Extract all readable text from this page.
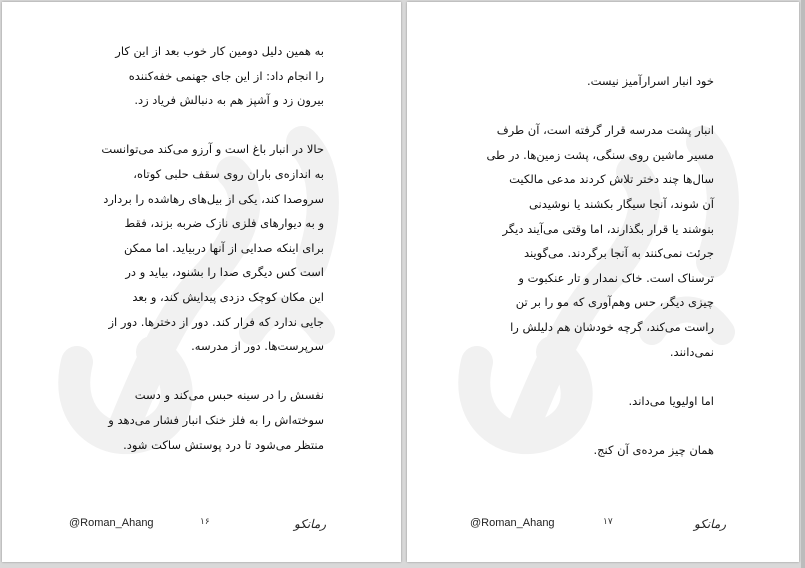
به همین دلیل دومین کار خوب بعد از این کار
را انجام داد: از این جای جهنمی خفه‌کننده
بیرون زد و آشپز هم به دنبالش فریاد زد.
حالا در انبار باغ است و آرزو می‌کند می‌توانست
به اندازه‌ی باران روی سقف حلبی کوتاه،
سروصدا کند، یکی از بیل‌های رهاشده را بردارد
و به دیوارهای فلزی نازک ضربه بزند، فقط
برای اینکه صدایی از آنها دربیاید. اما ممکن
است کس دیگری صدا را بشنود، بیاید و در
این مکان کوچک دزدی پیدایش کند، و بعد
جایی ندارد که فرار کند. دور از دخترها. دور از
سرپرست‌ها. دور از مدرسه.
نفسش را در سینه حبس می‌کند و دست
سوخته‌اش را به فلز خنک انبار فشار می‌دهد و
منتظر می‌شود تا درد پوستش ساکت شود.
@Roman_Ahang	۱۶	رمانکو
خود انبار اسرارآمیز نیست.
انبار پشت مدرسه قرار گرفته است، آن طرف
مسیر ماشین روی سنگی، پشت زمین‌ها. در طی
سال‌ها چند دختر تلاش کردند مدعی مالکیت
آن شوند، آنجا سیگار بکشند یا نوشیدنی
بنوشند یا قرار بگذارند، اما وقتی می‌آیند دیگر
جرئت نمی‌کنند به آنجا برگردند. می‌گویند
ترسناک است. خاک نمدار و تار عنکبوت و
چیزی دیگر، حس وهم‌آوری که مو را بر تن
راست می‌کند، گرچه خودشان هم دلیلش را
نمی‌دانند.
اما اولیویا می‌داند.
همان چیز مرده‌ی آن کنج.
@Roman_Ahang	۱۷	رمانکو
